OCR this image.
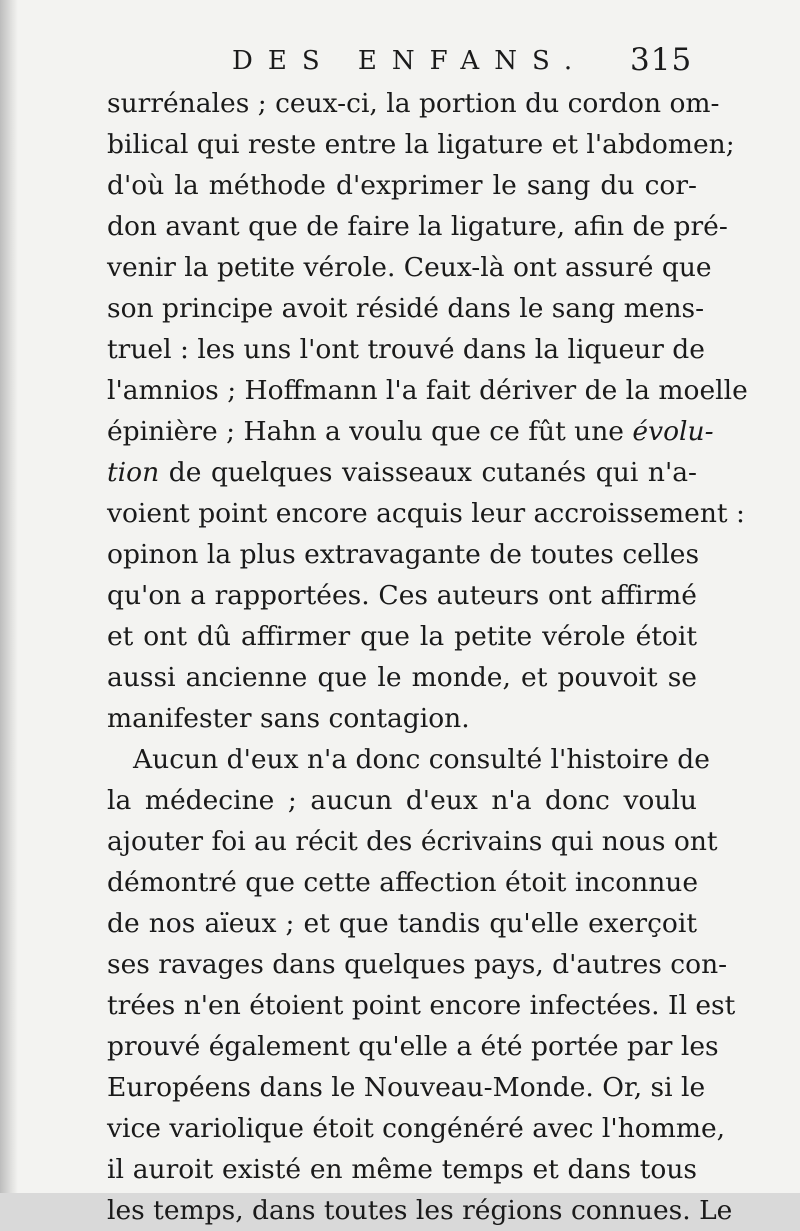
DES ENFANS. 315
surrénales ; ceux-ci, la portion du cordon om-
bilical qui reste entre la ligature et l'abdomen;
d'où la méthode d'exprimer le sang du cor-
don avant que de faire la ligature, afin de pré-
venir la petite vérole. Ceux-là ont assuré que
son principe avoit résidé dans le sang mens-
truel : les uns l'ont trouvé dans la liqueur de
l'amnios ; Hoffmann l'a fait dériver de la moelle
épinière ; Hahn a voulu que ce fût une évolu-
tion de quelques vaisseaux cutanés qui n'a-
voient point encore acquis leur accroissement :
opinon la plus extravagante de toutes celles
qu'on a rapportées. Ces auteurs ont affirmé
et ont dû affirmer que la petite vérole étoit
aussi ancienne que le monde, et pouvoit se
manifester sans contagion.
Aucun d'eux n'a donc consulté l'histoire de
la médecine ; aucun d'eux n'a donc voulu
ajouter foi au récit des écrivains qui nous ont
démontré que cette affection étoit inconnue
de nos aïeux ; et que tandis qu'elle exerçoit
ses ravages dans quelques pays, d'autres con-
trées n'en étoient point encore infectées. Il est
prouvé également qu'elle a été portée par les
Européens dans le Nouveau-Monde. Or, si le
vice variolique étoit congénéré avec l'homme,
il auroit existé en même temps et dans tous
les temps, dans toutes les régions connues. Le
